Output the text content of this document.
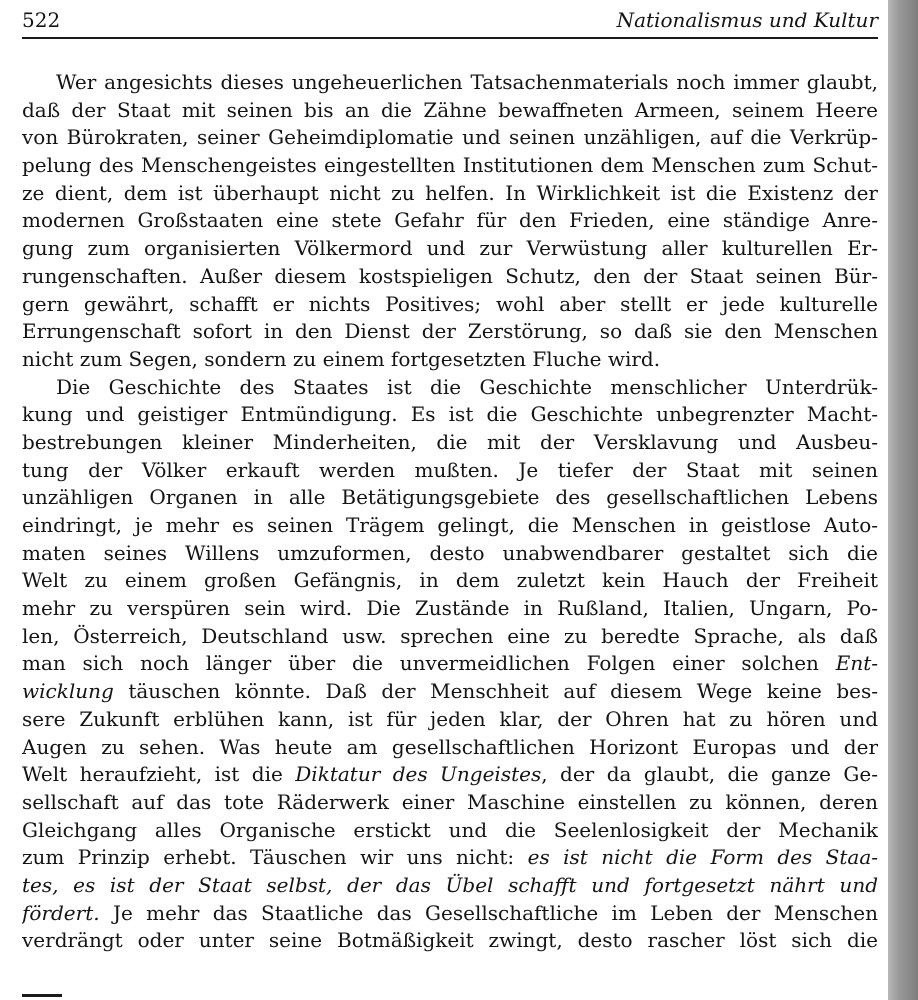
522	Nationalismus und Kultur
Wer angesichts dieses ungeheuerlichen Tatsachenmaterials noch immer glaubt,
daß der Staat mit seinen bis an die Zähne bewaffneten Armeen, seinem Heere
von Bürokraten, seiner Geheimdiplomatie und seinen unzähligen, auf die Verkrüp-
pelung des Menschengeistes eingestellten Institutionen dem Menschen zum Schut-
ze dient, dem ist überhaupt nicht zu helfen. In Wirklichkeit ist die Existenz der
modernen Großstaaten eine stete Gefahr für den Frieden, eine ständige Anre-
gung zum organisierten Völkermord und zur Verwüstung aller kulturellen Er-
rungenschaften. Außer diesem kostspieligen Schutz, den der Staat seinen Bür-
gern gewährt, schafft er nichts Positives; wohl aber stellt er jede kulturelle
Errungenschaft sofort in den Dienst der Zerstörung, so daß sie den Menschen
nicht zum Segen, sondern zu einem fortgesetzten Fluche wird.
Die Geschichte des Staates ist die Geschichte menschlicher Unterdrük-
kung und geistiger Entmündigung. Es ist die Geschichte unbegrenzter Macht-
bestrebungen kleiner Minderheiten, die mit der Versklavung und Ausbeu-
tung der Völker erkauft werden mußten. Je tiefer der Staat mit seinen
unzähligen Organen in alle Betätigungsgebiete des gesellschaftlichen Lebens
eindringt, je mehr es seinen Trägem gelingt, die Menschen in geistlose Auto-
maten seines Willens umzuformen, desto unabwendbarer gestaltet sich die
Welt zu einem großen Gefängnis, in dem zuletzt kein Hauch der Freiheit
mehr zu verspüren sein wird. Die Zustände in Rußland, Italien, Ungarn, Po-
len, Österreich, Deutschland usw. sprechen eine zu beredte Sprache, als daß
man sich noch länger über die unvermeidlichen Folgen einer solchen Ent-
wicklung täuschen könnte. Daß der Menschheit auf diesem Wege keine bes-
sere Zukunft erblühen kann, ist für jeden klar, der Ohren hat zu hören und
Augen zu sehen. Was heute am gesellschaftlichen Horizont Europas und der
Welt heraufzieht, ist die Diktatur des Ungeistes, der da glaubt, die ganze Ge-
sellschaft auf das tote Räderwerk einer Maschine einstellen zu können, deren
Gleichgang alles Organische erstickt und die Seelenlosigkeit der Mechanik
zum Prinzip erhebt. Täuschen wir uns nicht: es ist nicht die Form des Staa-
tes, es ist der Staat selbst, der das Übel schafft und fortgesetzt nährt und
fördert. Je mehr das Staatliche das Gesellschaftliche im Leben der Menschen
verdrängt oder unter seine Botmäßigkeit zwingt, desto rascher löst sich die
